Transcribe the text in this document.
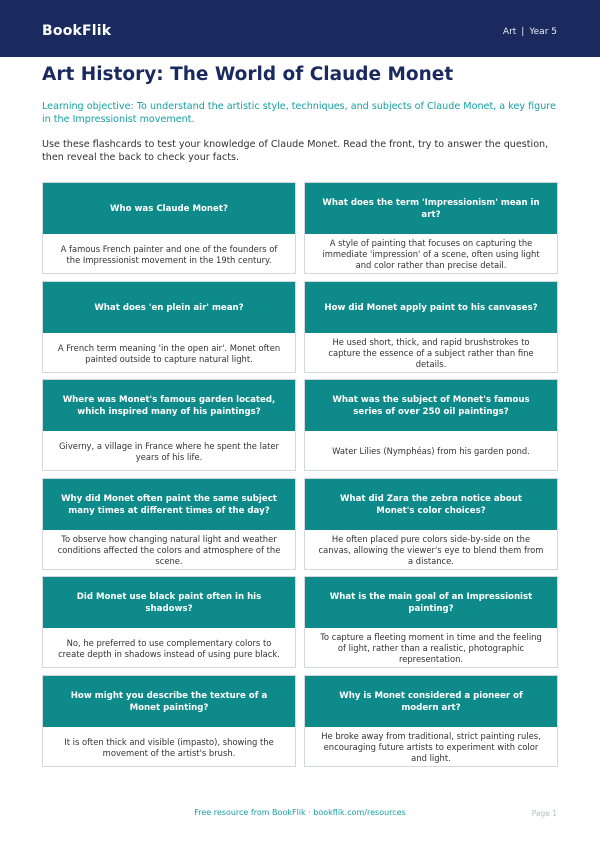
BookFlik	Art | Year 5
Art History: The World of Claude Monet

Learning objective: To understand the artistic style, techniques, and subjects of Claude Monet, a key figure in the Impressionist movement.

Use these flashcards to test your knowledge of Claude Monet. Read the front, try to answer the question, then reveal the back to check your facts.

Who was Claude Monet?
A famous French painter and one of the founders of the Impressionist movement in the 19th century.
What does the term 'Impressionism' mean in art?
A style of painting that focuses on capturing the immediate 'impression' of a scene, often using light and color rather than precise detail.
What does 'en plein air' mean?
A French term meaning 'in the open air'. Monet often painted outside to capture natural light.
How did Monet apply paint to his canvases?
He used short, thick, and rapid brushstrokes to capture the essence of a subject rather than fine details.
Where was Monet's famous garden located, which inspired many of his paintings?
Giverny, a village in France where he spent the later years of his life.
What was the subject of Monet's famous series of over 250 oil paintings?
Water Lilies (Nymphéas) from his garden pond.
Why did Monet often paint the same subject many times at different times of the day?
To observe how changing natural light and weather conditions affected the colors and atmosphere of the scene.
What did Zara the zebra notice about Monet's color choices?
He often placed pure colors side-by-side on the canvas, allowing the viewer's eye to blend them from a distance.
Did Monet use black paint often in his shadows?
No, he preferred to use complementary colors to create depth in shadows instead of using pure black.
What is the main goal of an Impressionist painting?
To capture a fleeting moment in time and the feeling of light, rather than a realistic, photographic representation.
How might you describe the texture of a Monet painting?
It is often thick and visible (impasto), showing the movement of the artist's brush.
Why is Monet considered a pioneer of modern art?
He broke away from traditional, strict painting rules, encouraging future artists to experiment with color and light.
Free resource from BookFlik · bookflik.com/resources	Page 1
